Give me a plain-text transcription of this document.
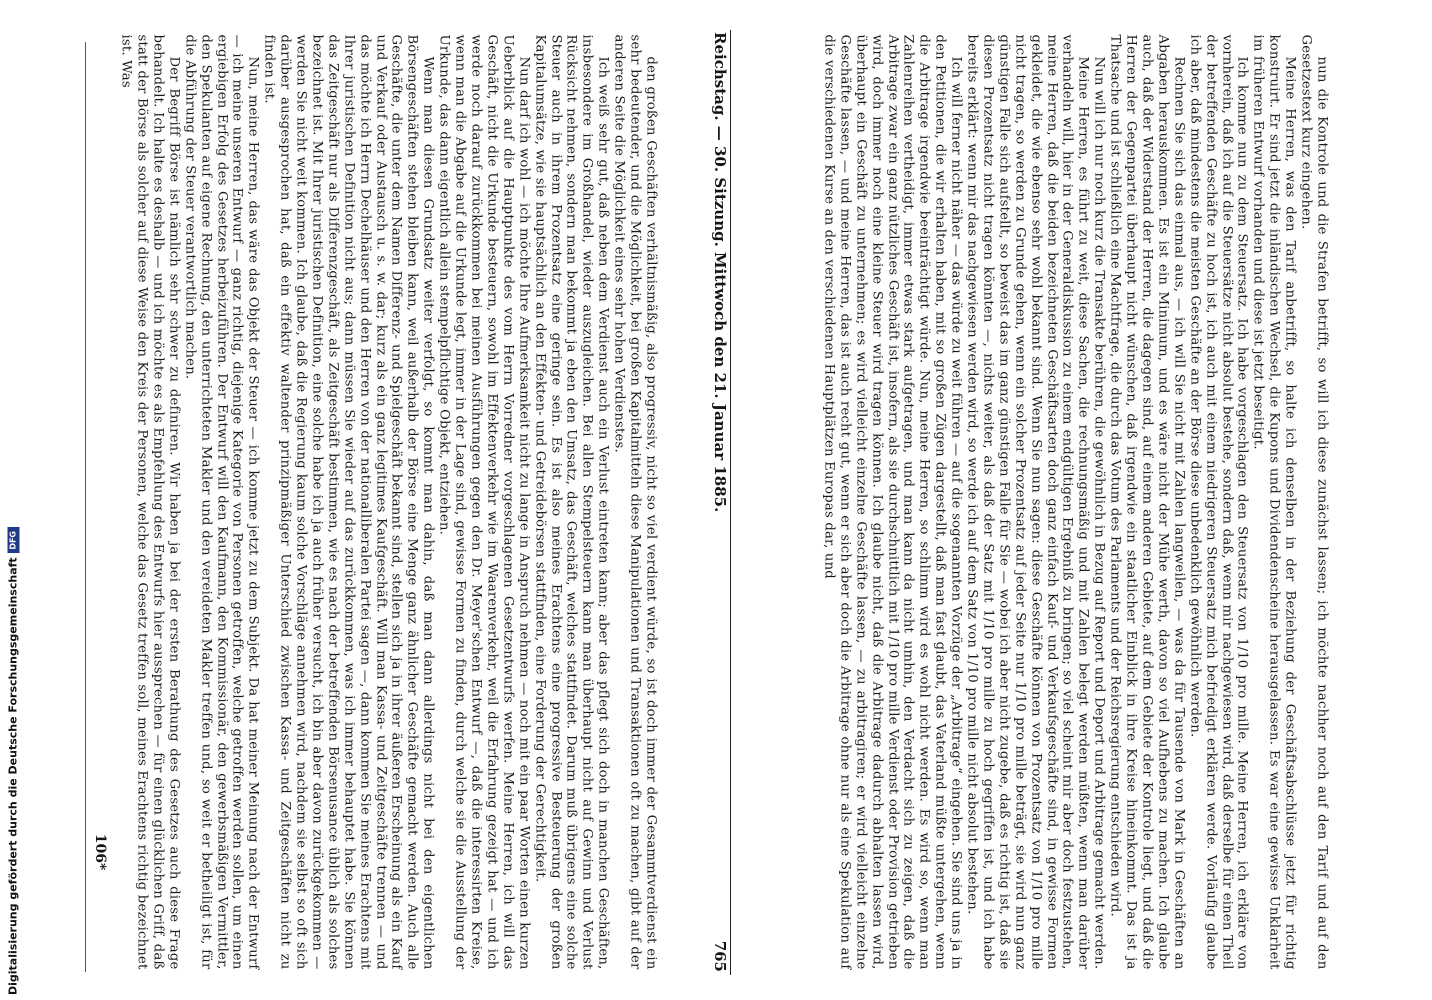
Digitalisierung gefördert durch die Deutsche Forschungsgemeinschaft
DFG
Reichstag. — 30. Sitzung. Mittwoch den 21. Januar 1885.
765

den großen Geschäften verhältnismäßig, also progressiv, nicht so viel verdient würde, so ist doch immer der Gesammtverdienst ein sehr bedeutender, und die Möglichkeit, bei großen Kapitalmitteln diese Manipulationen und Transaktionen oft zu machen, gibt auf der anderen Seite die Möglichkeit eines sehr hohen Verdienstes.

Ich weiß sehr gut, daß neben dem Verdienst auch ein Verlust eintreten kann; aber das pflegt sich doch in manchen Geschäften, insbesondere im Großhandel, wieder auszugleichen. Bei allen Stempelsteuern kann man überhaupt nicht auf Gewinn und Verlust Rücksicht nehmen, sondern man bekommt ja eben den Umsatz, das Geschäft, welches stattfindet. Darum muß übrigens eine solche Steuer auch in ihrem Prozentsatz eine geringe sein. Es ist also meines Erachtens eine progressive Besteuerung der großen Kapitalumsätze, wie sie hauptsächlich an den Effekten- und Getreidebörsen stattfinden, eine Forderung der Gerechtigkeit.

Nun darf ich wohl — ich möchte Ihre Aufmerksamkeit nicht zu lange in Anspruch nehmen — noch mit ein paar Worten einen kurzen Ueberblick auf die Hauptpunkte des vom Herrn Vorredner vorgeschlagenen Gesetzentwurfs werfen. Meine Herren, ich will das Geschäft, nicht die Urkunde besteuern, sowohl im Effektenverkehr wie im Waarenverkehr, weil die Erfahrung gezeigt hat — und ich werde noch darauf zurückkommen bei meinen Ausführungen gegen den Dr. Meyer'schen Entwurf —, daß die interessirten Kreise, wenn man die Abgabe auf die Urkunde legt, immer in der Lage sind, gewisse Formen zu finden, durch welche sie die Ausstellung der Urkunde, das dann eigentlich allein stempelpflichtige Objekt, entziehen.

Wenn man diesen Grundsatz weiter verfolgt, so kommt man dahin, daß man dann allerdings nicht bei den eigentlichen Börsengeschäften stehen bleiben kann, weil außerhalb der Börse eine Menge ganz ähnlicher Geschäfte gemacht werden. Auch alle Geschäfte, die unter dem Namen Differenz- und Spielgeschäft bekannt sind, stellen sich ja in ihrer äußeren Erscheinung als ein Kauf und Verkauf oder Austausch u. s. w. dar; kurz als ein ganz legitimes Kaufgeschäft. Will man Kassa- und Zeitgeschäfte trennen — und das möchte ich Herrn Dechelhäuser und den Herren von der nationalliberalen Partei sagen —, dann kommen Sie meines Erachtens mit Ihrer juristischen Definition nicht aus; dann müssen Sie wieder auf das zurückkommen, was ich immer behauptet habe. Sie können das Zeitgeschäft nur als Differenzgeschäft, als Zeitgeschäft bestimmen, wie es nach der betreffenden Börsenusance üblich als solches bezeichnet ist. Mit Ihrer juristischen Definition, eine solche habe ich ja auch früher versucht, ich bin aber davon zurückgekommen — werden Sie nicht weit kommen. Ich glaube, daß die Regierung kaum solche Vorschläge annehmen wird, nachdem sie selbst so oft sich darüber ausgesprochen hat, daß ein effektiv waltender prinzipmäßiger Unterschied zwischen Kassa- und Zeitgeschäften nicht zu finden ist.

Nun, meine Herren, das wäre das Objekt der Steuer — ich komme jetzt zu dem Subjekt. Da hat meiner Meinung nach der Entwurf — ich meine unseren Entwurf — ganz richtig, diejenige Kategorie von Personen getroffen, welche getroffen werden sollen, um einen ergiebigen Erfolg des Gesetzes herbeizuführen. Der Entwurf will den Kaufmann, den Kommissionär, den gewerbsmäßigen Vermittler, den Spekulanten auf eigene Rechnung, den unterrichteten Makler und den vereideten Makler treffen und, so weit er betheiligt ist, für die Abführung der Steuer verantwortlich machen.

Der Begriff Börse ist nämlich sehr schwer zu definiren. Wir haben ja bei der ersten Berathung des Gesetzes auch diese Frage behandelt. Ich halte es deshalb — und ich möchte es als Empfehlung des Entwurfs hier aussprechen — für einen glücklichen Griff, daß statt der Börse als solcher auf diese Weise den Kreis der Personen, welche das Gesetz treffen soll, meines Erachtens richtig bezeichnet ist. Was	nun die Kontrole und die Strafen betrifft, so will ich diese zunächst lassen; ich möchte nachher noch auf den Tarif und auf den Gesetzestext kurz eingehen.

Meine Herren, was den Tarif anbetrifft, so halte ich denselben in der Beziehung der Geschäftsabschlüsse jetzt für richtig konstruirt. Er sind jetzt die inländischen Wechsel, die Kupons und Dividendenscheine herausgelassen. Es war eine gewisse Unklarheit im früheren Entwurf vorhanden und diese ist jetzt beseitigt.

Ich komme nun zu dem Steuersatz. Ich habe vorgeschlagen den Steuersatz von 1/10 pro mille. Meine Herren, ich erkläre von vornherein, daß ich auf die Steuersätze nicht absolut bestehe, sondern daß, wenn mir nachgewiesen wird, daß derselbe für einen Theil der betreffenden Geschäfte zu hoch ist, ich auch mit einem niedrigeren Steuersatz mich befriedigt erklären werde. Vorläufig glaube ich aber, daß mindestens die meisten Geschäfte an der Börse diese unbedenklich gewöhnlich werden.

Rechnen Sie sich das einmal aus, — ich will Sie nicht mit Zahlen langweilen, — was da für Tausende von Mark in Geschäften an Abgaben herauskommen. Es ist ein Minimum, und es wäre nicht der Mühe werth, davon so viel Aufhebens zu machen. Ich glaube auch, daß der Widerstand der Herren, die dagegen sind, auf einem anderen Gebiete, auf dem Gebiete der Kontrole liegt, und daß die Herren der Gegenpartei überhaupt nicht wünschen, daß irgendwie ein staatlicher Einblick in ihre Kreise hineinkommt. Das ist ja Thatsache und ist schließlich eine Machtfrage, die durch das Votum des Parlaments und der Reichsregierung entschieden wird.

Nun will ich nur noch kurz die Transakte berühren, die gewöhnlich in Bezug auf Report und Deport und Arbitrage gemacht werden.

Meine Herren, es führt zu weit, diese Sachen, die rechnungsmäßig und mit Zahlen belegt werden müßten, wenn man darüber verhandeln will, hier in der Generaldiskussion zu einem endgültigen Ergebniß zu bringen; so viel scheint mir aber doch festzustehen, meine Herren, daß die beiden bezeichneten Geschäftsarten doch ganz einfach Kauf- und Verkaufsgeschäfte sind, in gewisse Formen gekleidet, die wie ebenso sehr wohl bekannt sind. Wenn Sie nun sagen: diese Geschäfte können von Prozentsatz von 1/10 pro mille nicht tragen, so werden zu Grunde gehen, wenn ein solcher Prozentsatz auf jeder Seite nur 1/10 pro mille beträgt, sie wird nun ganz günstigen Falle sich aufstellt, so beweist das im ganz günstigen Falle für Sie — wobei ich aber nicht zugebe, daß es richtig ist, daß sie diesen Prozentsatz nicht tragen könnten —, nichts weiter, als daß der Satz mit 1/10 pro mille zu hoch gegriffen ist, und ich habe bereits erklärt: wenn mir das nachgewiesen werden wird, so werde ich auf dem Satz von 1/10 pro mille nicht absolut bestehen.

Ich will ferner nicht näher — das würde zu weit führen — auf die sogenannten Vorzüge der „Arbitrage“ eingehen. Sie sind uns ja in den Petitionen, die wir erhalten haben, mit so großen Zügen dargestellt, daß man fast glaubt, das Vaterland müßte untergehen, wenn die Arbitrage irgendwie beeinträchtigt würde. Nun, meine Herren, so schlimm wird es wohl nicht werden. Es wird so, wenn man Zahlenreihen vertheidigt, immer etwas stark aufgetragen, und man kann da nicht umhin, den Verdacht sich zu zeigen, daß die Arbitrage zwar ein ganz nützliches Geschäft ist, insofern, als sie durchschnittlich mit 1/10 pro mille Verdienst oder Provision getrieben wird, doch immer noch eine kleine Steuer wird tragen können. Ich glaube nicht, daß die Arbitrage dadurch abhalten lassen wird, überhaupt ein Geschäft zu unternehmen; es wird vielleicht einzelne Geschäfte lassen, — zu arbitragiren; er wird vielleicht einzelne Geschäfte lassen, — und meine Herren, das ist auch recht gut, wenn er sich aber doch die Arbitrage ohne nur als eine Spekulation auf die verschiedenen Kurse an den verschiedenen Hauptplätzen Europas dar, und

106*
